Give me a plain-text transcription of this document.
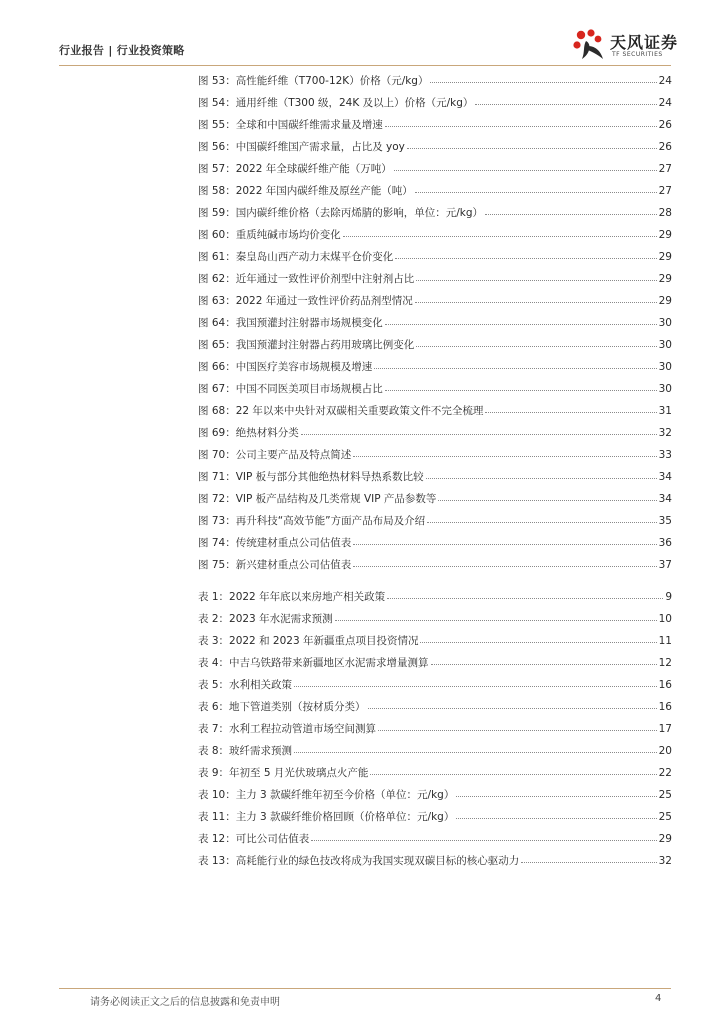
行业报告 | 行业投资策略	天风证券
TF SECURITIES
图 53：高性能纤维（T700-12K）价格（元/kg）	24
图 54：通用纤维（T300 级，24K 及以上）价格（元/kg）	24
图 55：全球和中国碳纤维需求量及增速	26
图 56：中国碳纤维国产需求量，占比及 yoy	26
图 57：2022 年全球碳纤维产能（万吨）	27
图 58：2022 年国内碳纤维及原丝产能（吨）	27
图 59：国内碳纤维价格（去除丙烯腈的影响，单位：元/kg）	28
图 60：重质纯碱市场均价变化	29
图 61：秦皇岛山西产动力末煤平仓价变化	29
图 62：近年通过一致性评价剂型中注射剂占比	29
图 63：2022 年通过一致性评价药品剂型情况	29
图 64：我国预灌封注射器市场规模变化	30
图 65：我国预灌封注射器占药用玻璃比例变化	30
图 66：中国医疗美容市场规模及增速	30
图 67：中国不同医美项目市场规模占比	30
图 68：22 年以来中央针对双碳相关重要政策文件不完全梳理	31
图 69：绝热材料分类	32
图 70：公司主要产品及特点简述	33
图 71：VIP 板与部分其他绝热材料导热系数比较	34
图 72：VIP 板产品结构及几类常规 VIP 产品参数等	34
图 73：再升科技“高效节能”方面产品布局及介绍	35
图 74：传统建材重点公司估值表	36
图 75：新兴建材重点公司估值表	37
表 1：2022 年年底以来房地产相关政策	9
表 2：2023 年水泥需求预测	10
表 3：2022 和 2023 年新疆重点项目投资情况	11
表 4：中吉乌铁路带来新疆地区水泥需求增量测算	12
表 5：水利相关政策	16
表 6：地下管道类别（按材质分类）	16
表 7：水利工程拉动管道市场空间测算	17
表 8：玻纤需求预测	20
表 9：年初至 5 月光伏玻璃点火产能	22
表 10：主力 3 款碳纤维年初至今价格（单位：元/kg）	25
表 11：主力 3 款碳纤维价格回顾（价格单位：元/kg）	25
表 12：可比公司估值表	29
表 13：高耗能行业的绿色技改将成为我国实现双碳目标的核心驱动力	32
请务必阅读正文之后的信息披露和免责申明	4
